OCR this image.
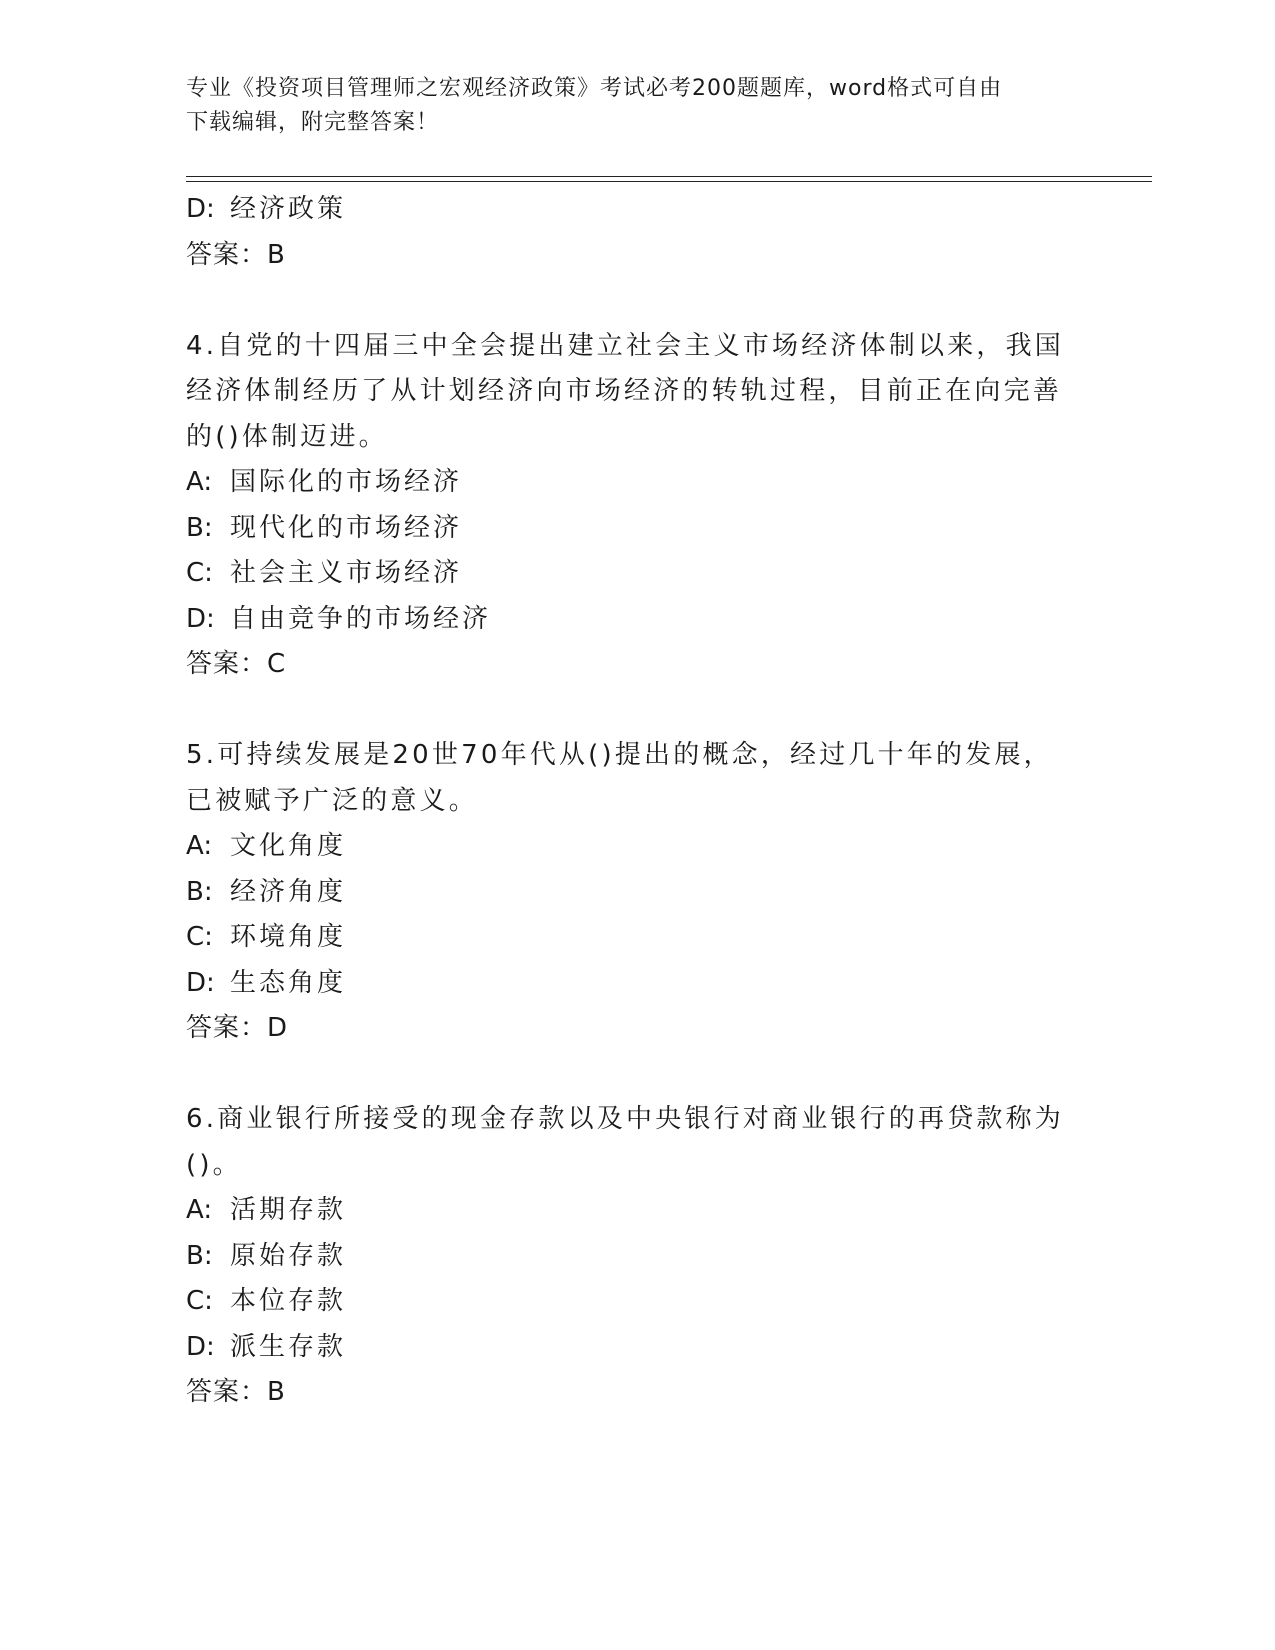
专业《投资项目管理师之宏观经济政策》考试必考200题题库，word格式可自由
下载编辑，附完整答案！
D: 经济政策
答案：B
4.自党的十四届三中全会提出建立社会主义市场经济体制以来，我国
经济体制经历了从计划经济向市场经济的转轨过程，目前正在向完善
的()体制迈进。
A: 国际化的市场经济
B: 现代化的市场经济
C: 社会主义市场经济
D: 自由竞争的市场经济
答案：C
5.可持续发展是20世70年代从()提出的概念，经过几十年的发展，
已被赋予广泛的意义。
A: 文化角度
B: 经济角度
C: 环境角度
D: 生态角度
答案：D
6.商业银行所接受的现金存款以及中央银行对商业银行的再贷款称为
()。
A: 活期存款
B: 原始存款
C: 本位存款
D: 派生存款
答案：B
